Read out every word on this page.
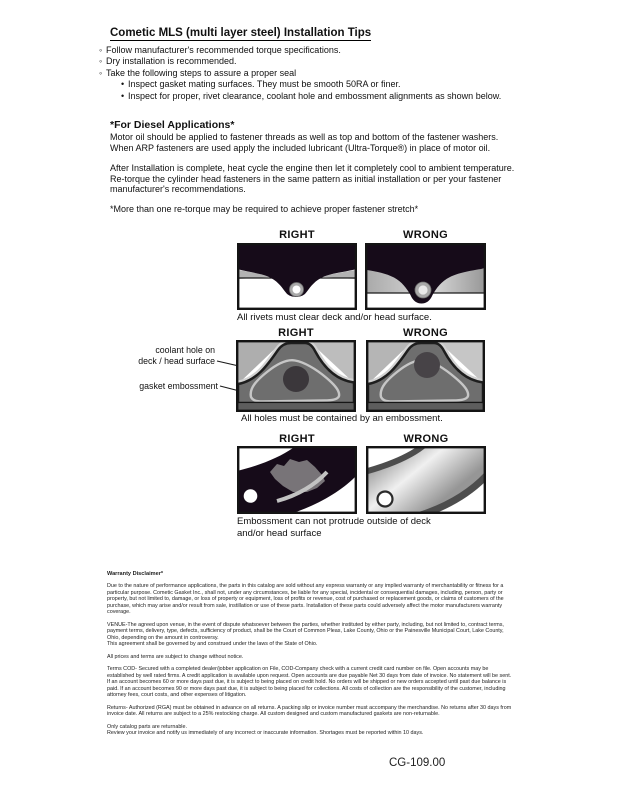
Cometic MLS (multi layer steel) Installation Tips
◦
Follow manufacturer's recommended torque specifications.
◦
Dry installation is recommended.
◦
Take the following steps to assure a proper seal
•
Inspect gasket mating surfaces. They must be smooth 50RA or finer.
•
Inspect for proper, rivet clearance, coolant hole and embossment alignments as shown below.
*For Diesel Applications*
Motor oil should be applied to fastener threads as well as top and bottom of the fastener washers. When ARP fasteners are used apply the included lubricant (Ultra-Torque®) in place of motor oil.
After Installation is complete, heat cycle the engine then let it completely cool to ambient temperature. Re-torque the cylinder head fasteners in the same pattern as initial installation or per your fastener manufacturer's recommendations.
*More than one re-torque may be required to achieve proper fastener stretch*
RIGHT	WRONG
All rivets must clear deck and/or head surface.
RIGHT	WRONG
coolant hole on
deck / head surface
gasket embossment
All holes must be contained by an embossment.
RIGHT	WRONG
Embossment can not protrude outside of deck
and/or head surface

Warranty Disclaimer*

Due to the nature of performance applications, the parts in this catalog are sold without any express warranty or any implied warranty of merchantability or fitness for a particular purpose. Cometic Gasket Inc., shall not, under any circumstances, be liable for any special, incidental or consequential damages, including, person, party or property, but not limited to, damage, or loss of property or equipment, loss of profits or revenue, cost of purchased or replacement goods, or claims of customers of the purchase, which may arise and/or result from sale, instillation or use of these parts. Installation of these parts could adversely affect the motor manufacturers warranty coverage.

VENUE-The agreed upon venue, in the event of dispute whatsoever between the parties, whether instituted by either party, including, but not limited to, contract terms, payment terms, delivery, type, defects, sufficiency of product, shall be the Court of Common Pleas, Lake County, Ohio or the Painesville Municipal Court, Lake County, Ohio, depending on the amount in controversy.

This agreement shall be governed by and construed under the laws of the State of Ohio.

All prices and terms are subject to change without notice.

Terms COD- Secured with a completed dealer/jobber application on File, COD-Company check with a current credit card number on file. Open accounts may be established by well rated firms. A credit application is available upon request. Open accounts are due payable Net 30 days from date of invoice. No statement will be sent. If an account becomes 60 or more days past due, it is subject to being placed on credit hold. No orders will be shipped or new orders accepted until past due balance is paid. If an account becomes 90 or more days past due, it is subject to being placed for collections. All costs of collection are the responsibility of the customer, including attorney fees, court costs, and other expenses of litigation.

Returns- Authorized (RGA) must be obtained in advance on all returns. A packing slip or invoice number must accompany the merchandise. No returns after 30 days from invoice date. All returns are subject to a 25% restocking charge. All custom designed and custom manufactured gaskets are non-returnable.

Only catalog parts are returnable.

Review your invoice and notify us immediately of any incorrect or inaccurate information. Shortages must be reported within 10 days.

CG-109.00
